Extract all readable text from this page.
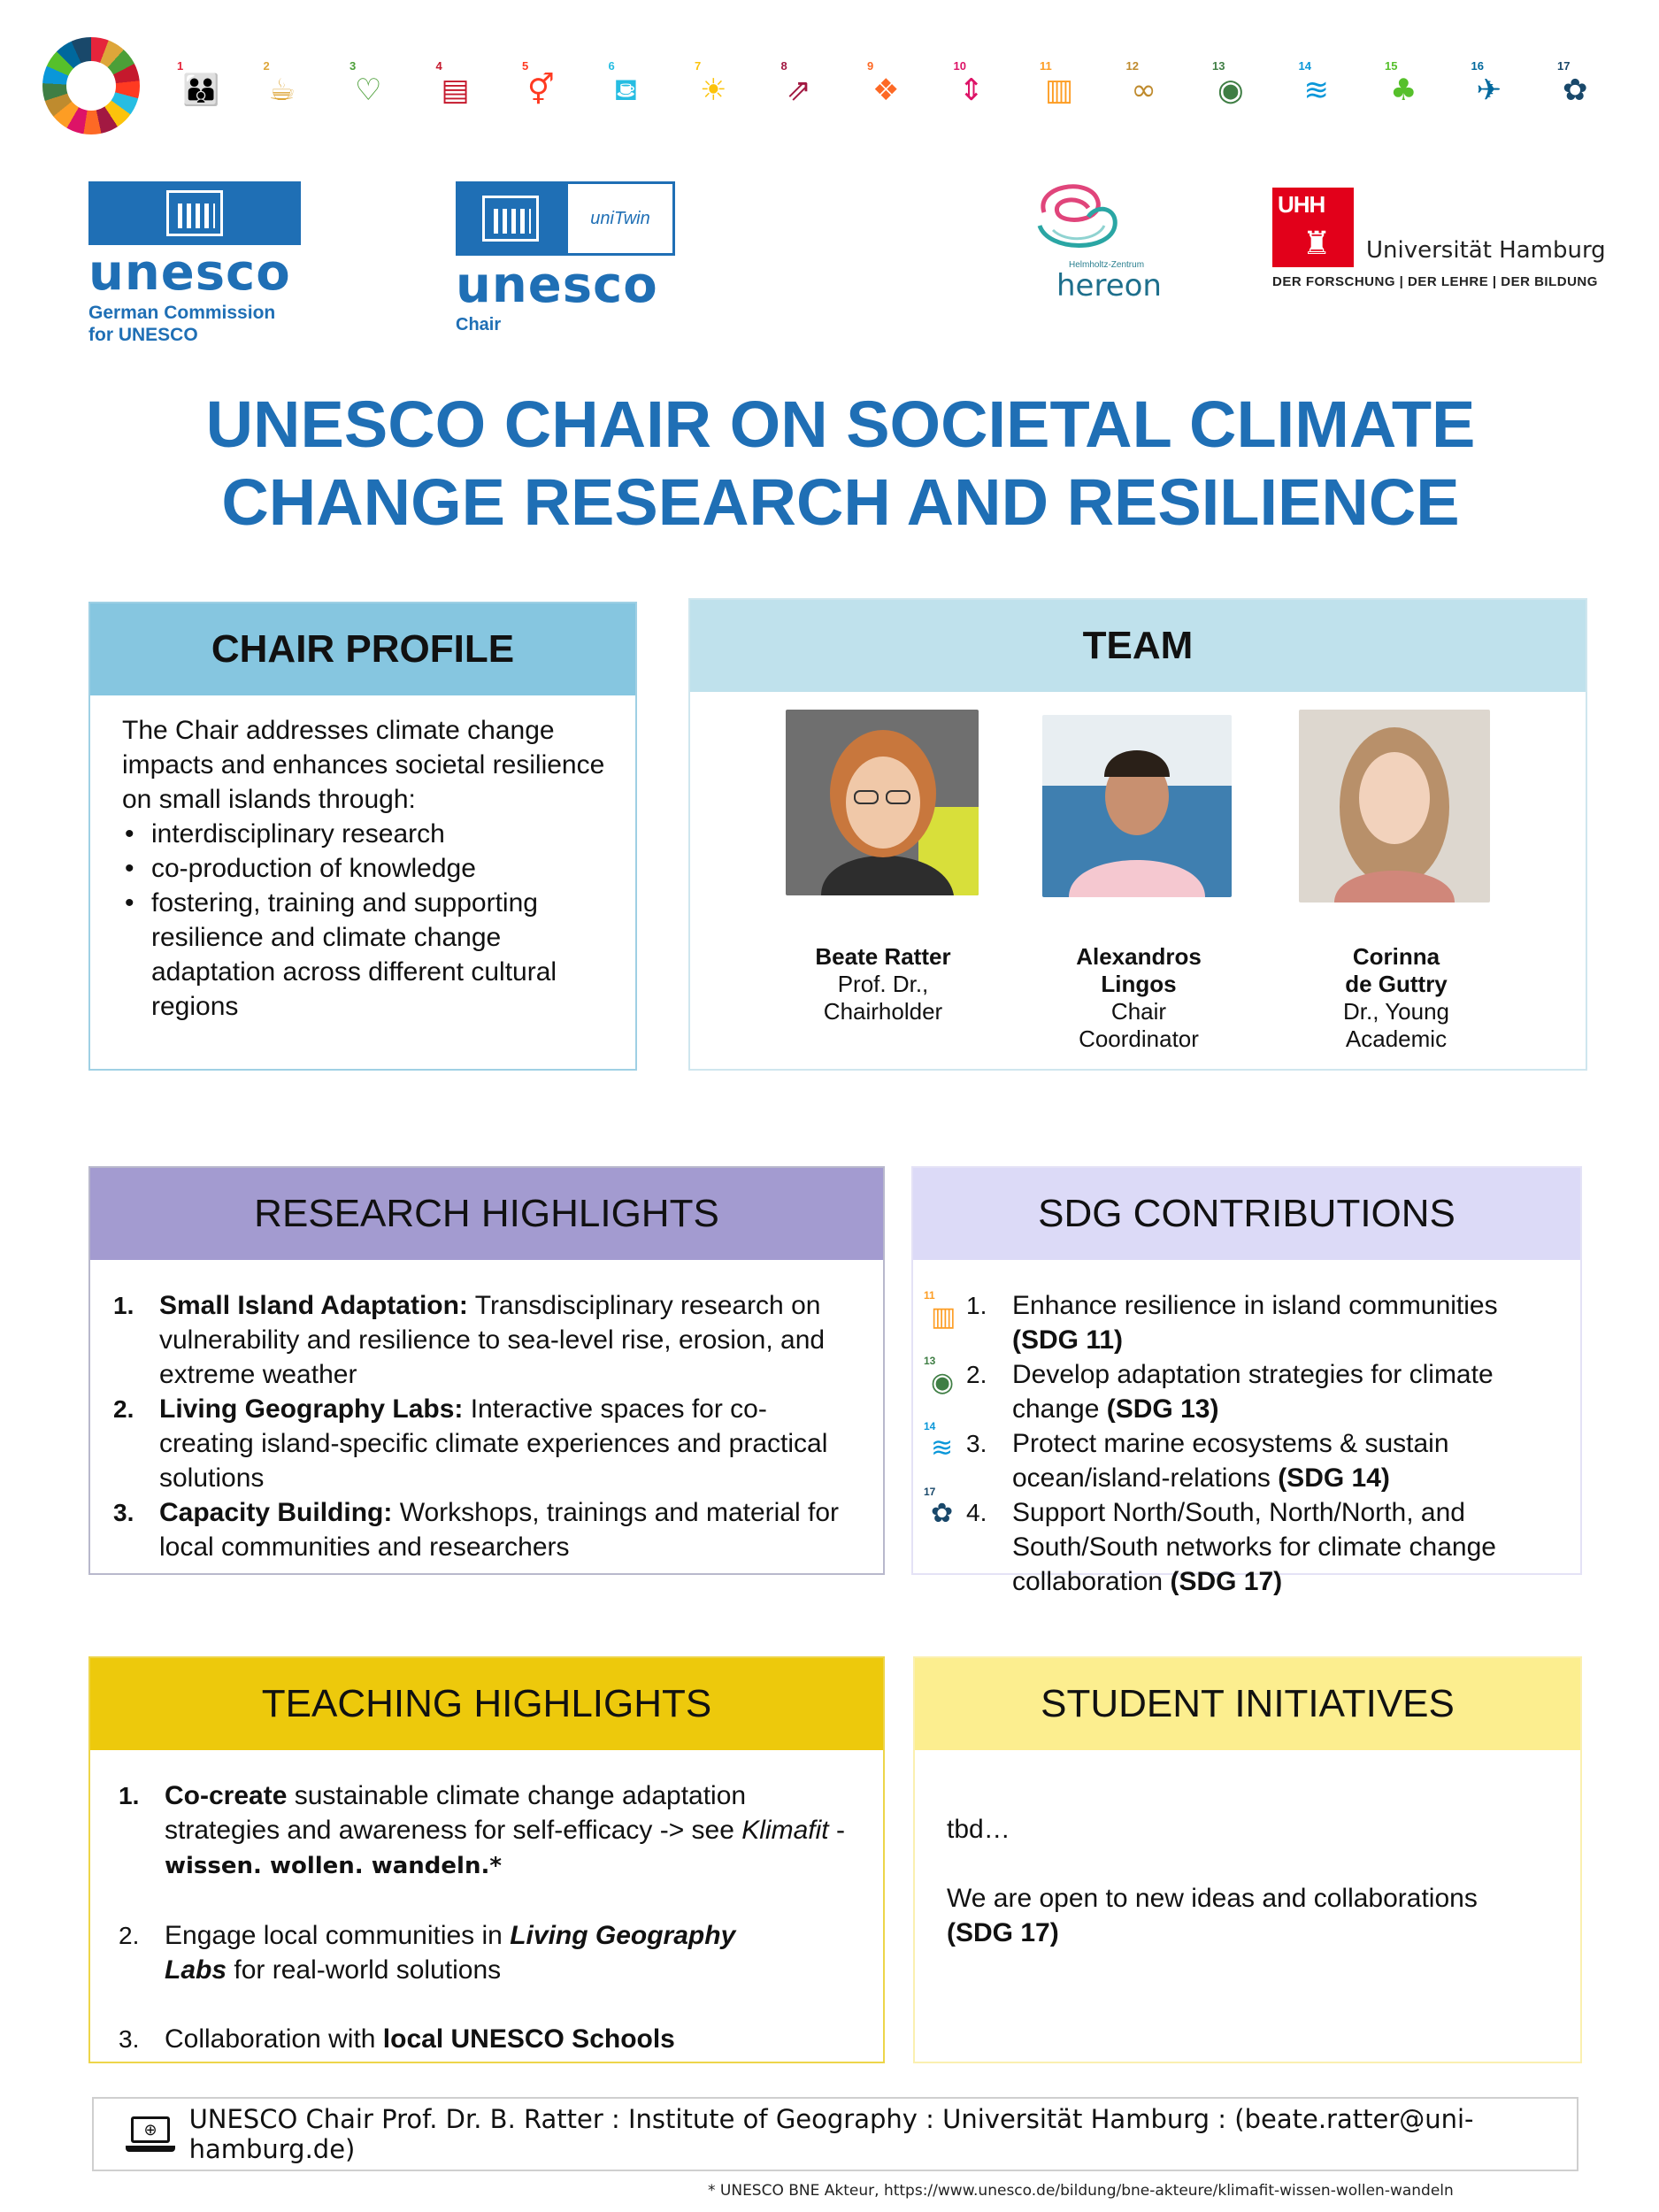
1
👪
2
☕
3
♡
4
▤
5
⚥
6
⛾
7
☀
8
⇗
9
❖
10
⇕
11
▥
12
∞
13
◉
14
≋
15
♣
16
✈
17
✿
unesco
German Commission
for UNESCO
uniTwin
unesco
Chair
Helmholtz-Zentrum
hereon
UHH
♜ Universität Hamburg
DER FORSCHUNG | DER LEHRE | DER BILDUNG
UNESCO CHAIR ON SOCIETAL CLIMATE
CHANGE RESEARCH AND RESILIENCE
CHAIR PROFILE
The Chair addresses climate change impacts and enhances societal resilience on small islands through:
• interdisciplinary research
• co-production of knowledge
• fostering, training and supporting resilience and climate change adaptation across different cultural regions
TEAM
Beate Ratter
Prof. Dr.,
Chairholder
Alexandros
Lingos
Chair
Coordinator
Corinna
de Guttry
Dr., Young
Academic
RESEARCH HIGHLIGHTS
1. Small Island Adaptation: Transdisciplinary research on vulnerability and resilience to sea-level rise, erosion, and extreme weather
2. Living Geography Labs: Interactive spaces for co-creating island-specific climate experiences and practical solutions
3. Capacity Building: Workshops, trainings and material for local communities and researchers
SDG CONTRIBUTIONS
11
▥
13
◉
14
≋
17
✿
1. Enhance resilience in island communities (SDG 11)
2. Develop adaptation strategies for climate change (SDG 13)
3. Protect marine ecosystems & sustain ocean/island-relations (SDG 14)
4. Support North/South, North/North, and South/South networks for climate change collaboration (SDG 17)
TEACHING HIGHLIGHTS
1. Co-create sustainable climate change adaptation strategies and awareness for self-efficacy -> see Klimafit - wissen. wollen. wandeln.*
2. Engage local communities in Living Geography
Labs for real-world solutions
3. Collaboration with local UNESCO Schools
STUDENT INITIATIVES
tbd…
We are open to new ideas and collaborations
(SDG 17)
⊕	UNESCO Chair Prof. Dr. B. Ratter : Institute of Geography : Universität Hamburg : (beate.ratter@uni-hamburg.de)
* UNESCO BNE Akteur, https://www.unesco.de/bildung/bne-akteure/klimafit-wissen-wollen-wandeln
